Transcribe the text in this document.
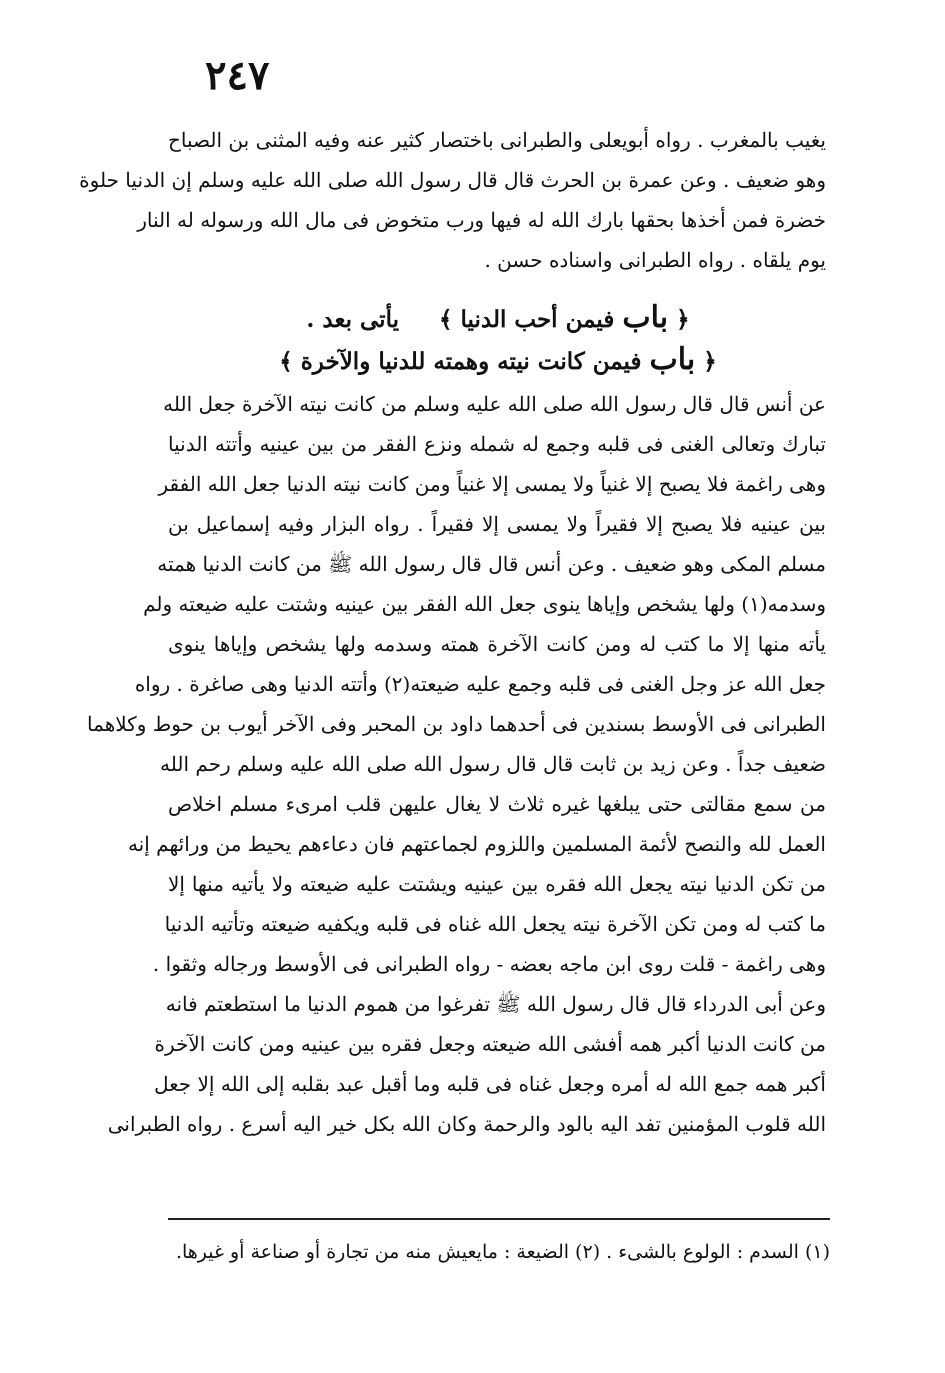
٢٤٧
يغيب بالمغرب . رواه أبويعلى والطبرانى باختصار كثير عنه وفيه المثنى بن الصباح
وهو ضعيف . وعن عمرة بن الحرث قال قال رسول الله صلى الله عليه وسلم إن الدنيا حلوة
خضرة فمن أخذها بحقها بارك الله له فيها ورب متخوض فى مال الله ورسوله له النار
يوم يلقاه . رواه الطبرانى واسناده حسن .
﴿ باب فيمن أحب الدنيا ﴾     يأتى بعد .
﴿ باب فيمن كانت نيته وهمته للدنيا والآخرة ﴾
عن أنس قال قال رسول الله صلى الله عليه وسلم من كانت نيته الآخرة جعل الله
تبارك وتعالى الغنى فى قلبه وجمع له شمله ونزع الفقر من بين عينيه وأتته الدنيا
وهى راغمة فلا يصبح إلا غنياً ولا يمسى إلا غنياً ومن كانت نيته الدنيا جعل الله الفقر
بين عينيه فلا يصبح إلا فقيراً ولا يمسى إلا فقيراً . رواه البزار وفيه إسماعيل بن
مسلم المكى وهو ضعيف . وعن أنس قال قال رسول الله ﷺ من كانت الدنيا همته
وسدمه(١) ولها يشخص وإياها ينوى جعل الله الفقر بين عينيه وشتت عليه ضيعته ولم
يأته منها إلا ما كتب له ومن كانت الآخرة همته وسدمه ولها يشخص وإياها ينوى
جعل الله عز وجل الغنى فى قلبه وجمع عليه ضيعته(٢) وأتته الدنيا وهى صاغرة . رواه
الطبرانى فى الأوسط بسندين فى أحدهما داود بن المحبر وفى الآخر أيوب بن حوط وكلاهما
ضعيف جداً . وعن زيد بن ثابت قال قال رسول الله صلى الله عليه وسلم رحم الله
من سمع مقالتى حتى يبلغها غيره ثلاث لا يغال عليهن قلب امرىء مسلم اخلاص
العمل لله والنصح لأئمة المسلمين واللزوم لجماعتهم فان دعاءهم يحيط من ورائهم إنه
من تكن الدنيا نيته يجعل الله فقره بين عينيه ويشتت عليه ضيعته ولا يأتيه منها إلا
ما كتب له ومن تكن الآخرة نيته يجعل الله غناه فى قلبه ويكفيه ضيعته وتأتيه الدنيا
وهى راغمة - قلت روى ابن ماجه بعضه - رواه الطبرانى فى الأوسط ورجاله وثقوا .
وعن أبى الدرداء قال قال رسول الله ﷺ تفرغوا من هموم الدنيا ما استطعتم فانه
من كانت الدنيا أكبر همه أفشى الله ضيعته وجعل فقره بين عينيه ومن كانت الآخرة
أكبر همه جمع الله له أمره وجعل غناه فى قلبه وما أقبل عبد بقلبه إلى الله إلا جعل
الله قلوب المؤمنين تفد اليه بالود والرحمة وكان الله بكل خير اليه أسرع . رواه الطبرانى
(١) السدم : الولوع بالشىء . (٢) الضيعة : مايعيش منه من تجارة أو صناعة أو غيرها.
